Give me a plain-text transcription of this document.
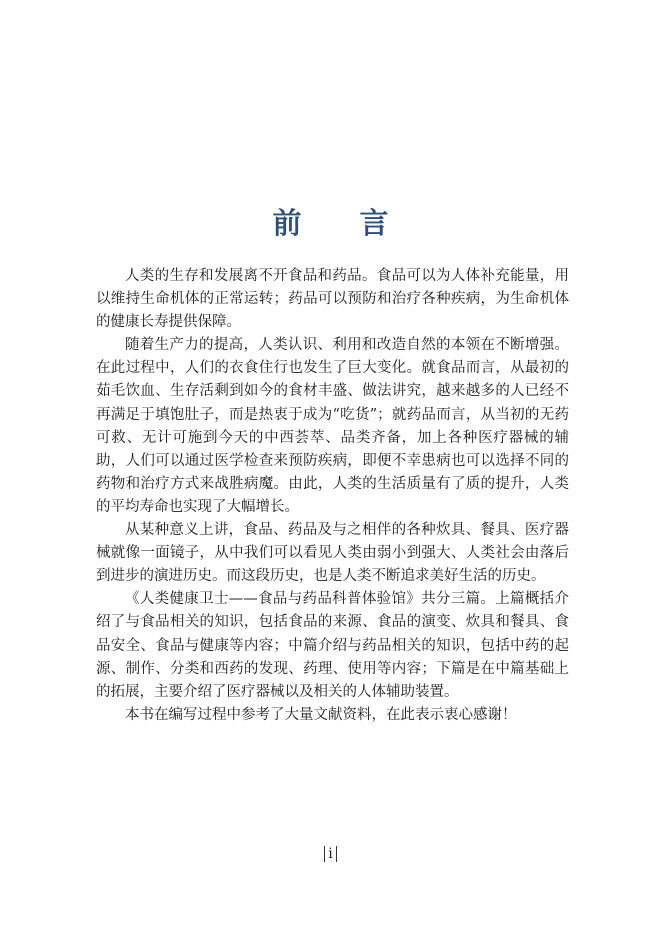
前 言

人类的生存和发展离不开食品和药品。食品可以为人体补充能量，用以维持生命机体的正常运转；药品可以预防和治疗各种疾病，为生命机体的健康长寿提供保障。

随着生产力的提高，人类认识、利用和改造自然的本领在不断增强。在此过程中，人们的衣食住行也发生了巨大变化。就食品而言，从最初的茹毛饮血、生存活剩到如今的食材丰盛、做法讲究，越来越多的人已经不再满足于填饱肚子，而是热衷于成为“吃货”；就药品而言，从当初的无药可救、无计可施到今天的中西荟萃、品类齐备，加上各种医疗器械的辅助，人们可以通过医学检查来预防疾病，即便不幸患病也可以选择不同的药物和治疗方式来战胜病魔。由此，人类的生活质量有了质的提升，人类的平均寿命也实现了大幅增长。

从某种意义上讲，食品、药品及与之相伴的各种炊具、餐具、医疗器械就像一面镜子，从中我们可以看见人类由弱小到强大、人类社会由落后到进步的演进历史。而这段历史，也是人类不断追求美好生活的历史。

《人类健康卫士——食品与药品科普体验馆》共分三篇。上篇概括介绍了与食品相关的知识，包括食品的来源、食品的演变、炊具和餐具、食品安全、食品与健康等内容；中篇介绍与药品相关的知识，包括中药的起源、制作、分类和西药的发现、药理、使用等内容；下篇是在中篇基础上的拓展，主要介绍了医疗器械以及相关的人体辅助装置。

本书在编写过程中参考了大量文献资料，在此表示衷心感谢！

i
